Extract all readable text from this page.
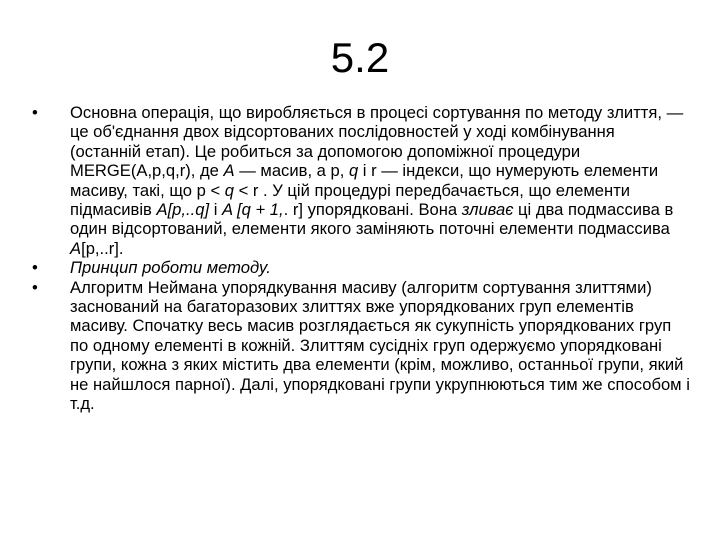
5.2
•	Основна операція, що виробляється в процесі сортування по методу злиття, — це об'єднання двох відсортованих послідовностей у ході комбінування (останній етап). Це робиться за допомогою допоміжної процедури MERGE(A,p,q,r), де A — масив, а p, q і r — індекси, що нумерують елементи масиву, такі, що p < q < r . У цій процедурі передбачається, що елементи підмасивів A[p,..q] і A [q + 1,. r] упорядковані. Вона зливає ці два подмассива в один відсортований, елементи якого заміняють поточні елементи подмассива A[p,..r].
•	Принцип роботи методу.
•	Алгоритм Неймана упорядкування масиву (алгоритм сортування злиттями) заснований на багаторазових злиттях вже упорядкованих груп елементів масиву. Спочатку весь масив розглядається як сукупність упорядкованих груп по одному елементі в кожній. Злиттям сусідніх груп одержуємо упорядковані групи, кожна з яких містить два елементи (крім, можливо, останньої групи, який не найшлося парної). Далі, упорядковані групи укрупнюються тим же способом і т.д.
